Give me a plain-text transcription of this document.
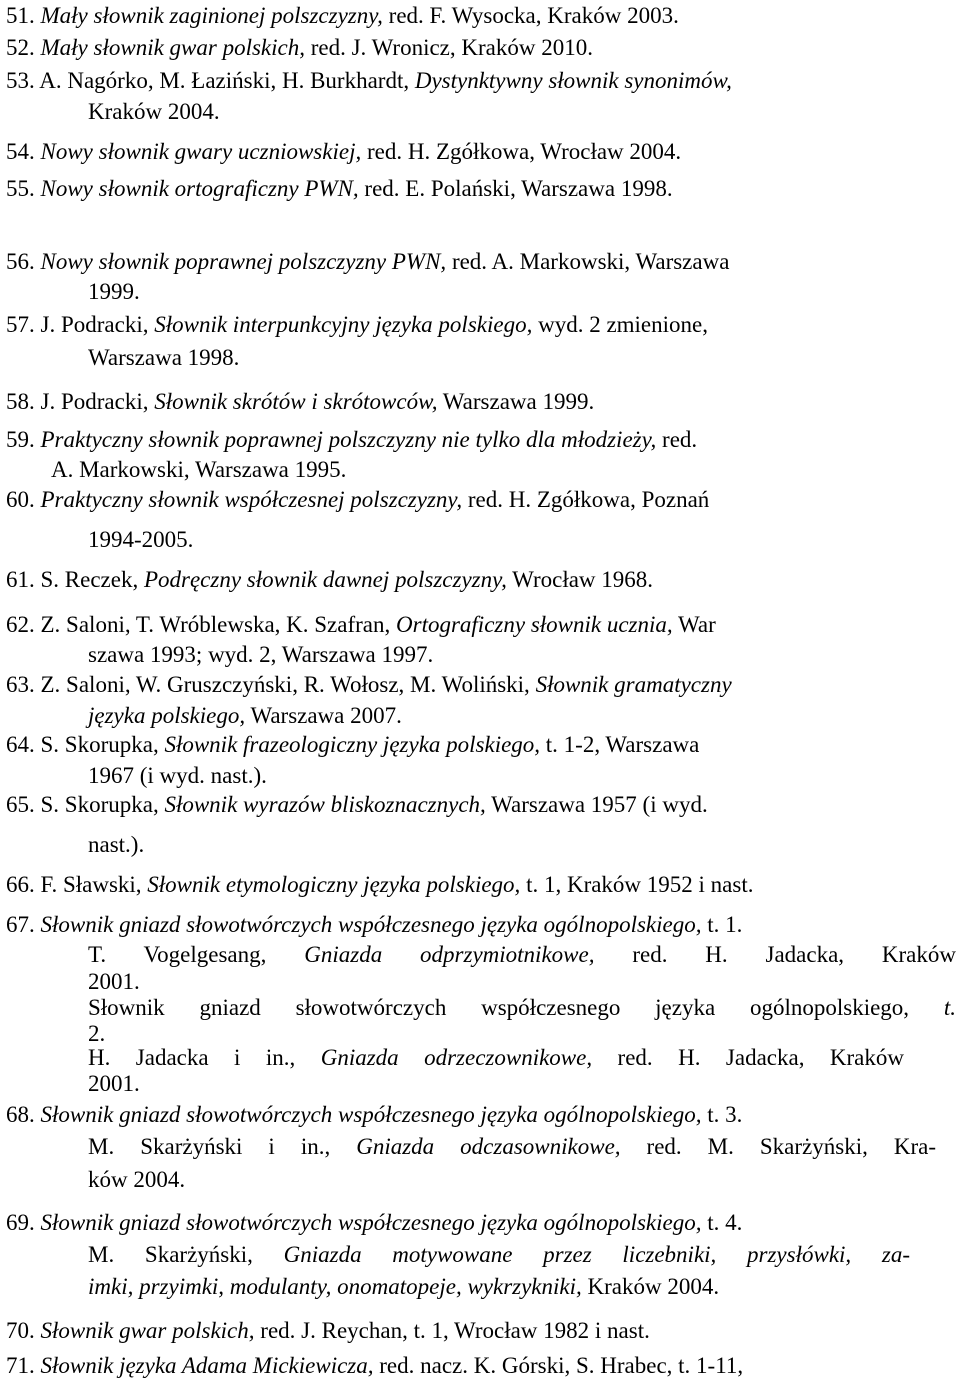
51. Mały słownik zaginionej polszczyzny, red. F. Wysocka, Kraków 2003.
52. Mały słownik gwar polskich, red. J. Wronicz, Kraków 2010.
53. A. Nagórko, M. Łaziński, H. Burkhardt, Dystynktywny słownik synonimów,
Kraków 2004.
54. Nowy słownik gwary uczniowskiej, red. H. Zgółkowa, Wrocław 2004.
55. Nowy słownik ortograficzny PWN, red. E. Polański, Warszawa 1998.
56. Nowy słownik poprawnej polszczyzny PWN, red. A. Markowski, Warszawa
1999.
57. J. Podracki, Słownik interpunkcyjny języka polskiego, wyd. 2 zmienione,
Warszawa 1998.
58. J. Podracki, Słownik skrótów i skrótowców, Warszawa 1999.
59. Praktyczny słownik poprawnej polszczyzny nie tylko dla młodzieży, red.
A. Markowski, Warszawa 1995.
60. Praktyczny słownik współczesnej polszczyzny, red. H. Zgółkowa, Poznań
1994-2005.
61. S. Reczek, Podręczny słownik dawnej polszczyzny, Wrocław 1968.
62. Z. Saloni, T. Wróblewska, K. Szafran, Ortograficzny słownik ucznia, War
szawa 1993; wyd. 2, Warszawa 1997.
63. Z. Saloni, W. Gruszczyński, R. Wołosz, M. Woliński, Słownik gramatyczny
języka polskiego, Warszawa 2007.
64. S. Skorupka, Słownik frazeologiczny języka polskiego, t. 1-2, Warszawa
1967 (i wyd. nast.).
65. S. Skorupka, Słownik wyrazów bliskoznacznych, Warszawa 1957 (i wyd.
nast.).
66. F. Sławski, Słownik etymologiczny języka polskiego, t. 1, Kraków 1952 i nast.
67. Słownik gniazd słowotwórczych współczesnego języka ogólnopolskiego, t. 1.
T. Vogelgesang, Gniazda odprzymiotnikowe, red. H. Jadacka, Kraków
2001.
Słownik gniazd słowotwórczych współczesnego języka ogólnopolskiego, t.
2.
H. Jadacka i in., Gniazda odrzeczownikowe, red. H. Jadacka, Kraków
2001.
68. Słownik gniazd słowotwórczych współczesnego języka ogólnopolskiego, t. 3.
M. Skarżyński i in., Gniazda odczasownikowe, red. M. Skarżyński, Kra-
ków 2004.
69. Słownik gniazd słowotwórczych współczesnego języka ogólnopolskiego, t. 4.
M. Skarżyński, Gniazda motywowane przez liczebniki, przysłówki, za-
imki, przyimki, modulanty, onomatopeje, wykrzykniki, Kraków 2004.
70. Słownik gwar polskich, red. J. Reychan, t. 1, Wrocław 1982 i nast.
71. Słownik języka Adama Mickiewicza, red. nacz. K. Górski, S. Hrabec, t. 1-11,
